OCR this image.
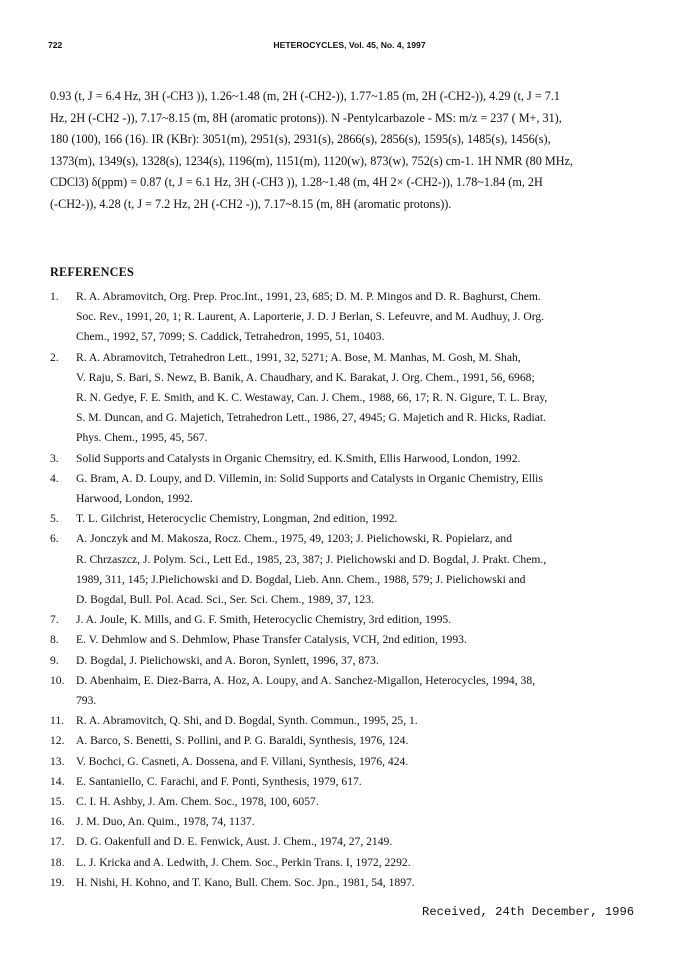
722	HETEROCYCLES, Vol. 45, No. 4, 1997
0.93 (t, J = 6.4 Hz, 3H (-CH3 )), 1.26~1.48 (m, 2H (-CH2-)), 1.77~1.85 (m, 2H (-CH2-)), 4.29 (t, J = 7.1
Hz, 2H (-CH2 -)), 7.17~8.15 (m, 8H (aromatic protons)). N -Pentylcarbazole - MS: m/z = 237 ( M+, 31),
180 (100), 166 (16). IR (KBr): 3051(m), 2951(s), 2931(s), 2866(s), 2856(s), 1595(s), 1485(s), 1456(s),
1373(m), 1349(s), 1328(s), 1234(s), 1196(m), 1151(m), 1120(w), 873(w), 752(s) cm-1. 1H NMR (80 MHz,
CDCl3) δ(ppm) = 0.87 (t, J = 6.1 Hz, 3H (-CH3 )), 1.28~1.48 (m, 4H 2× (-CH2-)), 1.78~1.84 (m, 2H
(-CH2-)), 4.28 (t, J = 7.2 Hz, 2H (-CH2 -)), 7.17~8.15 (m, 8H (aromatic protons)).
REFERENCES
1.	R. A. Abramovitch, Org. Prep. Proc.Int., 1991, 23, 685; D. M. P. Mingos and D. R. Baghurst, Chem.
Soc. Rev., 1991, 20, 1; R. Laurent, A. Laporterie, J. D. J Berlan, S. Lefeuvre, and M. Audhuy, J. Org.
Chem., 1992, 57, 7099; S. Caddick, Tetrahedron, 1995, 51, 10403.
2.	R. A. Abramovitch, Tetrahedron Lett., 1991, 32, 5271; A. Bose, M. Manhas, M. Gosh, M. Shah,
V. Raju, S. Bari, S. Newz, B. Banik, A. Chaudhary, and K. Barakat, J. Org. Chem., 1991, 56, 6968;
R. N. Gedye, F. E. Smith, and K. C. Westaway, Can. J. Chem., 1988, 66, 17; R. N. Gigure, T. L. Bray,
S. M. Duncan, and G. Majetich, Tetrahedron Lett., 1986, 27, 4945; G. Majetich and R. Hicks, Radiat.
Phys. Chem., 1995, 45, 567.
3.	Solid Supports and Catalysts in Organic Chemsitry, ed. K.Smith, Ellis Harwood, London, 1992.
4.	G. Bram, A. D. Loupy, and D. Villemin, in: Solid Supports and Catalysts in Organic Chemistry, Ellis
Harwood, London, 1992.
5.	T. L. Gilchrist, Heterocyclic Chemistry, Longman, 2nd edition, 1992.
6.	A. Jonczyk and M. Makosza, Rocz. Chem., 1975, 49, 1203; J. Pielichowski, R. Popielarz, and
R. Chrzaszcz, J. Polym. Sci., Lett Ed., 1985, 23, 387; J. Pielichowski and D. Bogdal, J. Prakt. Chem.,
1989, 311, 145; J.Pielichowski and D. Bogdal, Lieb. Ann. Chem., 1988, 579; J. Pielichowski and
D. Bogdal, Bull. Pol. Acad. Sci., Ser. Sci. Chem., 1989, 37, 123.
7.	J. A. Joule, K. Mills, and G. F. Smith, Heterocyclic Chemistry, 3rd edition, 1995.
8.	E. V. Dehmlow and S. Dehmlow, Phase Transfer Catalysis, VCH, 2nd edition, 1993.
9.	D. Bogdal, J. Pielichowski, and A. Boron, Synlett, 1996, 37, 873.
10. D. Abenhaim, E. Diez-Barra, A. Hoz, A. Loupy, and A. Sanchez-Migallon, Heterocycles, 1994, 38,
793.
11.	R. A. Abramovitch, Q. Shi, and D. Bogdal, Synth. Commun., 1995, 25, 1.
12. A. Barco, S. Benetti, S. Pollini, and P. G. Baraldi, Synthesis, 1976, 124.
13. V. Bochci, G. Casneti, A. Dossena, and F. Villani, Synthesis, 1976, 424.
14. E. Santaniello, C. Farachi, and F. Ponti, Synthesis, 1979, 617.
15. C. I. H. Ashby, J. Am. Chem. Soc., 1978, 100, 6057.
16. J. M. Duo, An. Quim., 1978, 74, 1137.
17. D. G. Oakenfull and D. E. Fenwick, Aust. J. Chem., 1974, 27, 2149.
18. L. J. Kricka and A. Ledwith, J. Chem. Soc., Perkin Trans. I, 1972, 2292.
19. H. Nishi, H. Kohno, and T. Kano, Bull. Chem. Soc. Jpn., 1981, 54, 1897.
Received, 24th December, 1996
